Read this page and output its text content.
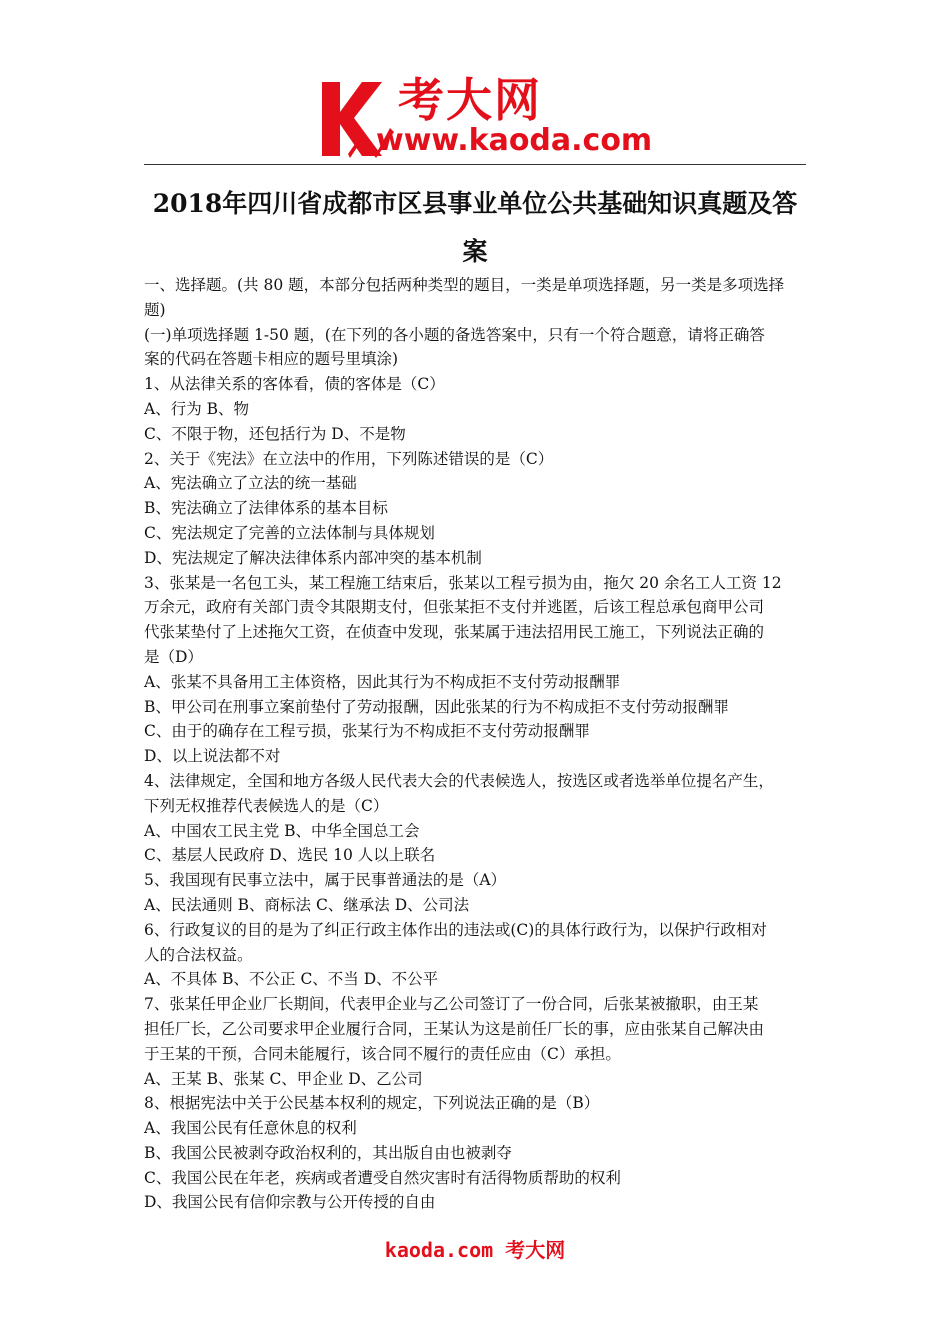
考大网
www.kaoda.com
2018年四川省成都市区县事业单位公共基础知识真题及答
案

一、选择题。(共 80 题，本部分包括两种类型的题目，一类是单项选择题，另一类是多项选择

题)

(一)单项选择题 1-50 题，(在下列的各小题的备选答案中，只有一个符合题意，请将正确答

案的代码在答题卡相应的题号里填涂)

1、从法律关系的客体看，债的客体是（C）

A、行为 B、物

C、不限于物，还包括行为 D、不是物

2、关于《宪法》在立法中的作用，下列陈述错误的是（C）

A、宪法确立了立法的统一基础

B、宪法确立了法律体系的基本目标

C、宪法规定了完善的立法体制与具体规划

D、宪法规定了解决法律体系内部冲突的基本机制

3、张某是一名包工头，某工程施工结束后，张某以工程亏损为由，拖欠 20 余名工人工资 12

万余元，政府有关部门责令其限期支付，但张某拒不支付并逃匿，后该工程总承包商甲公司

代张某垫付了上述拖欠工资，在侦查中发现，张某属于违法招用民工施工，下列说法正确的

是（D）

A、张某不具备用工主体资格，因此其行为不构成拒不支付劳动报酬罪

B、甲公司在刑事立案前垫付了劳动报酬，因此张某的行为不构成拒不支付劳动报酬罪

C、由于的确存在工程亏损，张某行为不构成拒不支付劳动报酬罪

D、以上说法都不对

4、法律规定，全国和地方各级人民代表大会的代表候选人，按选区或者选举单位提名产生，

下列无权推荐代表候选人的是（C）

A、中国农工民主党 B、中华全国总工会

C、基层人民政府 D、选民 10 人以上联名

5、我国现有民事立法中，属于民事普通法的是（A）

A、民法通则 B、商标法 C、继承法 D、公司法

6、行政复议的目的是为了纠正行政主体作出的违法或(C)的具体行政行为，以保护行政相对

人的合法权益。

A、不具体 B、不公正 C、不当 D、不公平

7、张某任甲企业厂长期间，代表甲企业与乙公司签订了一份合同，后张某被撤职，由王某

担任厂长，乙公司要求甲企业履行合同，王某认为这是前任厂长的事，应由张某自己解决由

于王某的干预，合同未能履行，该合同不履行的责任应由（C）承担。

A、王某 B、张某 C、甲企业 D、乙公司

8、根据宪法中关于公民基本权利的规定，下列说法正确的是（B）

A、我国公民有任意休息的权利

B、我国公民被剥夺政治权利的，其出版自由也被剥夺

C、我国公民在年老，疾病或者遭受自然灾害时有活得物质帮助的权利

D、我国公民有信仰宗教与公开传授的自由

kaoda.com 考大网
